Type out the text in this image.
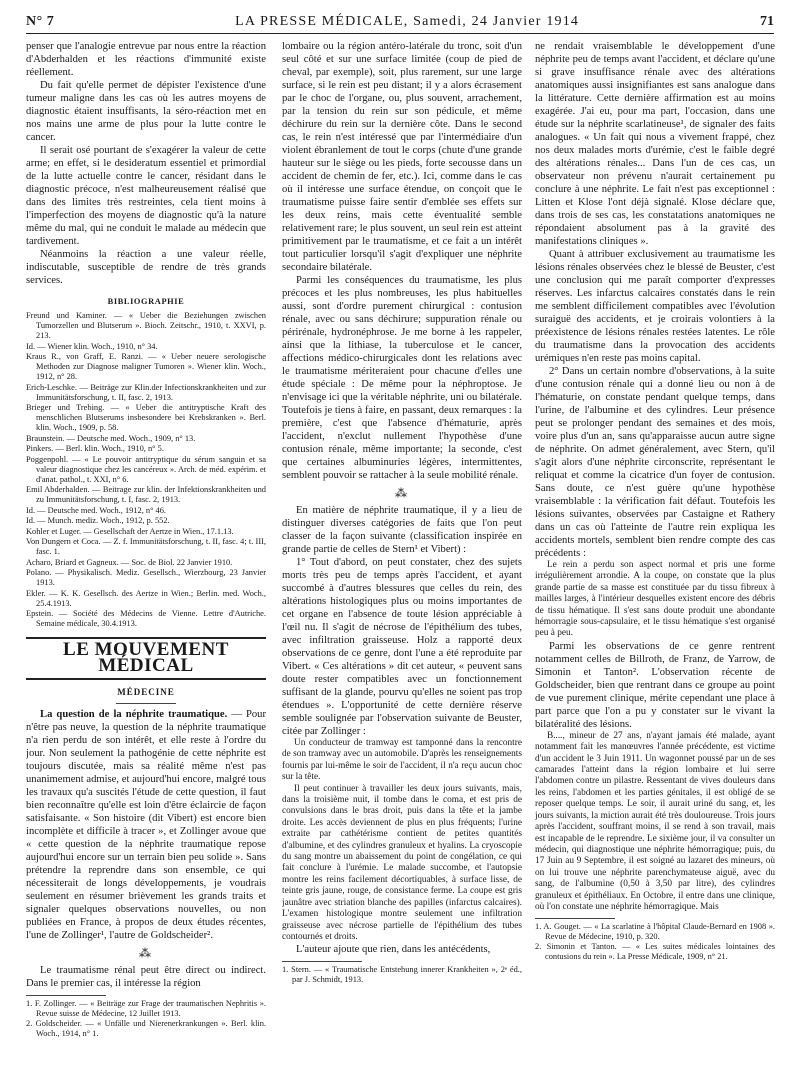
N° 7	LA PRESSE MÉDICALE, Samedi, 24 Janvier 1914	71

penser que l'analogie entrevue par nous entre la réaction d'Abderhalden et les réactions d'immunité existe réellement.

Du fait qu'elle permet de dépister l'existence d'une tumeur maligne dans les cas où les autres moyens de diagnostic étaient insuffisants, la séro-réaction met en nos mains une arme de plus pour la lutte contre le cancer.

Il serait osé pourtant de s'exagérer la valeur de cette arme; en effet, si le desideratum essentiel et primordial de la lutte actuelle contre le cancer, résidant dans le diagnostic précoce, n'est malheureusement réalisé que dans des limites très restreintes, cela tient moins à l'imperfection des moyens de diagnostic qu'à la nature même du mal, qui ne conduit le malade au médecin que tardivement.

Néanmoins la réaction a une valeur réelle, indiscutable, susceptible de rendre de très grands services.

BIBLIOGRAPHIE
Freund und Kaminer. — « Ueber die Beziehungen zwischen Tumorzellen und Blutserum ». Bioch. Zeitschr., 1910, t. XXVI, p. 213.
Id. — Wiener klin. Woch., 1910, n° 34.
Kraus R., von Graff, E. Ranzi. — « Ueber neuere serologische Methoden zur Diagnose maligner Tumoren ». Wiener klin. Woch., 1912, n° 28.
Erich-Leschke. — Beiträge zur Klin.der Infectionskrankheiten und zur Immunitätsforschung, t. II, fasc. 2, 1913.
Brieger und Trebing. — « Ueber die antitryptische Kraft des menschlichen Blutserums insbesondere bei Krebskranken ». Berl. klin. Woch., 1909, p. 58.
Braunstein. — Deutsche med. Woch., 1909, n° 13.
Pinkers. — Berl. klin. Woch., 1910, n° 5.
Poggenpohl. — « Le pouvoir antitryptique du sérum sanguin et sa valeur diagnostique chez les cancéreux ». Arch. de méd. expérim. et d'anat. pathol., t. XXI, n° 6.
Emil Abderhalden. — Beitrage zur klin. der Infektionskrankheiten und zu Immunitätsforschung, t. I, fasc. 2, 1913.
Id. — Deutsche med. Woch., 1912, n° 46.
Id. — Munch. mediz. Woch., 1912, p. 552.
Kohler et Luger. — Gesellschaft der Aertze in Wien., 17.1.13.
Von Dungern et Coca. — Z. f. Immunitätsforschung, t. II, fasc. 4; t. III, fasc. 1.
Acharo, Briard et Gagneux. — Soc. de Biol. 22 Janvier 1910.
Polano. — Physikalisch. Mediz. Gesellsch., Wierzbourg, 23 Janvier 1913.
Ekler. — K. K. Gesellsch. des Aertze in Wien.; Berlin. med. Woch., 25.4.1913.
Epstein. — Société des Médecins de Vienne. Lettre d'Autriche. Semaine médicale, 30.4.1913.
LE MOUVEMENT MÉDICAL
MÉDECINE

La question de la néphrite traumatique. — Pour n'être pas neuve, la question de la néphrite traumatique n'a rien perdu de son intérêt, et elle reste à l'ordre du jour. Non seulement la pathogénie de cette néphrite est toujours discutée, mais sa réalité même n'est pas unanimement admise, et aujourd'hui encore, malgré tous les travaux qu'a suscités l'étude de cette question, il faut bien reconnaître qu'elle est loin d'être éclaircie de façon satisfaisante. « Son histoire (dit Vibert) est encore bien incomplète et difficile à tracer », et Zollinger avoue que « cette question de la néphrite traumatique repose aujourd'hui encore sur un terrain bien peu solide ». Sans prétendre la reprendre dans son ensemble, ce qui nécessiterait de longs développements, je voudrais seulement en résumer brièvement les grands traits et signaler quelques observations nouvelles, ou non publiées en France, à propos de deux études récentes, l'une de Zollinger¹, l'autre de Goldscheider².

⁂

Le traumatisme rénal peut être direct ou indirect. Dans le premier cas, il intéresse la région

1. F. Zollinger. — « Beiträge zur Frage der traumatischen Nephritis ». Revue suisse de Médecine, 12 Juillet 1913.
2. Goldscheider. — « Unfälle und Nierenerkrankungen ». Berl. klin. Woch., 1914, n° 1.

lombaire ou la région antéro-latérale du tronc, soit d'un seul côté et sur une surface limitée (coup de pied de cheval, par exemple), soit, plus rarement, sur une large surface, si le rein est peu distant; il y a alors écrasement par le choc de l'organe, ou, plus souvent, arrachement, par la tension du rein sur son pédicule, et même déchirure du rein sur la dernière côte. Dans le second cas, le rein n'est intéressé que par l'intermédiaire d'un violent ébranlement de tout le corps (chute d'une grande hauteur sur le siège ou les pieds, forte secousse dans un accident de chemin de fer, etc.). Ici, comme dans le cas où il intéresse une surface étendue, on conçoit que le traumatisme puisse faire sentir d'emblée ses effets sur les deux reins, mais cette éventualité semble relativement rare; le plus souvent, un seul rein est atteint primitivement par le traumatisme, et ce fait a un intérêt tout particulier lorsqu'il s'agit d'expliquer une néphrite secondaire bilatérale.

Parmi les conséquences du traumatisme, les plus précoces et les plus nombreuses, les plus habituelles aussi, sont d'ordre purement chirurgical : contusion rénale, avec ou sans déchirure; suppuration rénale ou périrénale, hydronéphrose. Je me borne à les rappeler, ainsi que la lithiase, la tuberculose et le cancer, affections médico-chirurgicales dont les relations avec le traumatisme mériteraient pour chacune d'elles une étude spéciale : De même pour la néphroptose. Je n'envisage ici que la véritable néphrite, uni ou bilatérale. Toutefois je tiens à faire, en passant, deux remarques : la première, c'est que l'absence d'hématurie, après l'accident, n'exclut nullement l'hypothèse d'une contusion rénale, même importante; la seconde, c'est que certaines albuminuries légères, intermittentes, semblent pouvoir se rattacher à la seule mobilité rénale.

⁂

En matière de néphrite traumatique, il y a lieu de distinguer diverses catégories de faits que l'on peut classer de la façon suivante (classification inspirée en grande partie de celles de Stern¹ et Vibert) :

1° Tout d'abord, on peut constater, chez des sujets morts très peu de temps après l'accident, et ayant succombé à d'autres blessures que celles du rein, des altérations histologiques plus ou moins importantes de cet organe en l'absence de toute lésion appréciable à l'œil nu. Il s'agit de nécrose de l'épithélium des tubes, avec infiltration graisseuse. Holz a rapporté deux observations de ce genre, dont l'une a été reproduite par Vibert. « Ces altérations » dit cet auteur, « peuvent sans doute rester compatibles avec un fonctionnement suffisant de la glande, pourvu qu'elles ne soient pas trop étendues ». L'opportunité de cette dernière réserve semble soulignée par l'observation suivante de Beuster, citée par Zollinger :

Un conducteur de tramway est tamponné dans la rencontre de son tramway avec un automobile. D'après les renseignements fournis par lui-même le soir de l'accident, il n'a reçu aucun choc sur la tête.

Il peut continuer à travailler les deux jours suivants, mais, dans la troisième nuit, il tombe dans le coma, et est pris de convulsions dans le bras droit, puis dans la tête et la jambe droite. Les accès deviennent de plus en plus fréquents; l'urine extraite par cathétérisme contient de petites quantités d'albumine, et des cylindres granuleux et hyalins. La cryoscopie du sang montre un abaissement du point de congélation, ce qui fait conclure à l'urémie. Le malade succombe, et l'autopsie montre les reins facilement décortiquables, à surface lisse, de teinte gris jaune, rouge, de consistance ferme. La coupe est gris jaunâtre avec striation blanche des papilles (infarctus calcaires). L'examen histologique montre seulement une infiltration graisseuse avec nécrose partielle de l'épithélium des tubes contournés et droits.

L'auteur ajoute que rien, dans les antécédents,

1. Stern. — « Traumatische Entstehung innerer Krankheiten », 2ᵉ éd., par J. Schmidt, 1913.

ne rendait vraisemblable le développement d'une néphrite peu de temps avant l'accident, et déclare qu'une si grave insuffisance rénale avec des altérations anatomiques aussi insignifiantes est sans analogue dans la littérature. Cette dernière affirmation est au moins exagérée. J'ai eu, pour ma part, l'occasion, dans une étude sur la néphrite scarlatineuse¹, de signaler des faits analogues. « Un fait qui nous a vivement frappé, chez nos deux malades morts d'urémie, c'est le faible degré des altérations rénales... Dans l'un de ces cas, un observateur non prévenu n'aurait certainement pu conclure à une néphrite. Le fait n'est pas exceptionnel : Litten et Klose l'ont déjà signalé. Klose déclare que, dans trois de ses cas, les constatations anatomiques ne répondaient absolument pas à la gravité des manifestations cliniques ».

Quant à attribuer exclusivement au traumatisme les lésions rénales observées chez le blessé de Beuster, c'est une conclusion qui me paraît comporter d'expresses réserves. Les infarctus calcaires constatés dans le rein me semblent difficilement compatibles avec l'évolution suraiguë des accidents, et je croirais volontiers à la préexistence de lésions rénales restées latentes. Le rôle du traumatisme dans la provocation des accidents urémiques n'en reste pas moins capital.

2° Dans un certain nombre d'observations, à la suite d'une contusion rénale qui a donné lieu ou non à de l'hématurie, on constate pendant quelque temps, dans l'urine, de l'albumine et des cylindres. Leur présence peut se prolonger pendant des semaines et des mois, voire plus d'un an, sans qu'apparaisse aucun autre signe de néphrite. On admet généralement, avec Stern, qu'il s'agit alors d'une néphrite circonscrite, représentant le reliquat et comme la cicatrice d'un foyer de contusion. Sans doute, ce n'est guère qu'une hypothèse vraisemblable : la vérification fait défaut. Toutefois les lésions suivantes, observées par Castaigne et Rathery dans un cas où l'atteinte de l'autre rein expliqua les accidents mortels, semblent bien rendre compte des cas précédents :

Le rein a perdu son aspect normal et pris une forme irrégulièrement arrondie. A la coupe, on constate que la plus grande partie de sa masse est constituée par du tissu fibreux à mailles larges, à l'intérieur desquelles existent encore des débris de tissu hématique. Il s'est sans doute produit une abondante hémorragie sous-capsulaire, et le tissu hématique s'est organisé peu à peu.

Parmi les observations de ce genre rentrent notamment celles de Billroth, de Franz, de Yarrow, de Simonin et Tanton². L'observation récente de Goldscheider, bien que rentrant dans ce groupe au point de vue purement clinique, mérite cependant une place à part parce que l'on a pu y constater sur le vivant la bilatéralité des lésions.

B...., mineur de 27 ans, n'ayant jamais été malade, ayant notamment fait les manœuvres l'année précédente, est victime d'un accident le 3 Juin 1911. Un wagonnet poussé par un de ses camarades l'atteint dans la région lombaire et lui serre l'abdomen contre un pilastre. Ressentant de vives douleurs dans les reins, l'abdomen et les parties génitales, il est obligé de se reposer quelque temps. Le soir, il aurait uriné du sang, et, les jours suivants, la miction aurait été très douloureuse. Trois jours après l'accident, souffrant moins, il se rend à son travail, mais est incapable de le reprendre. Le sixième jour, il va consulter un médecin, qui diagnostique une néphrite hémorragique; puis, du 17 Juin au 9 Septembre, il est soigné au lazaret des mineurs, où on lui trouve une néphrite parenchymateuse aiguë, avec du sang, de l'albumine (0,50 à 3,50 par litre), des cylindres granuleux et épithéliaux. En Octobre, il entre dans une clinique, où l'on constate une néphrite hémorragique. Mais

1. A. Gouget. — « La scarlatine à l'hôpital Claude-Bernard en 1908 ». Revue de Médecine, 1910, p. 320.
2. Simonin et Tanton. — « Les suites médicales lointaines des contusions du rein ». La Presse Médicale, 1909, n° 21.
